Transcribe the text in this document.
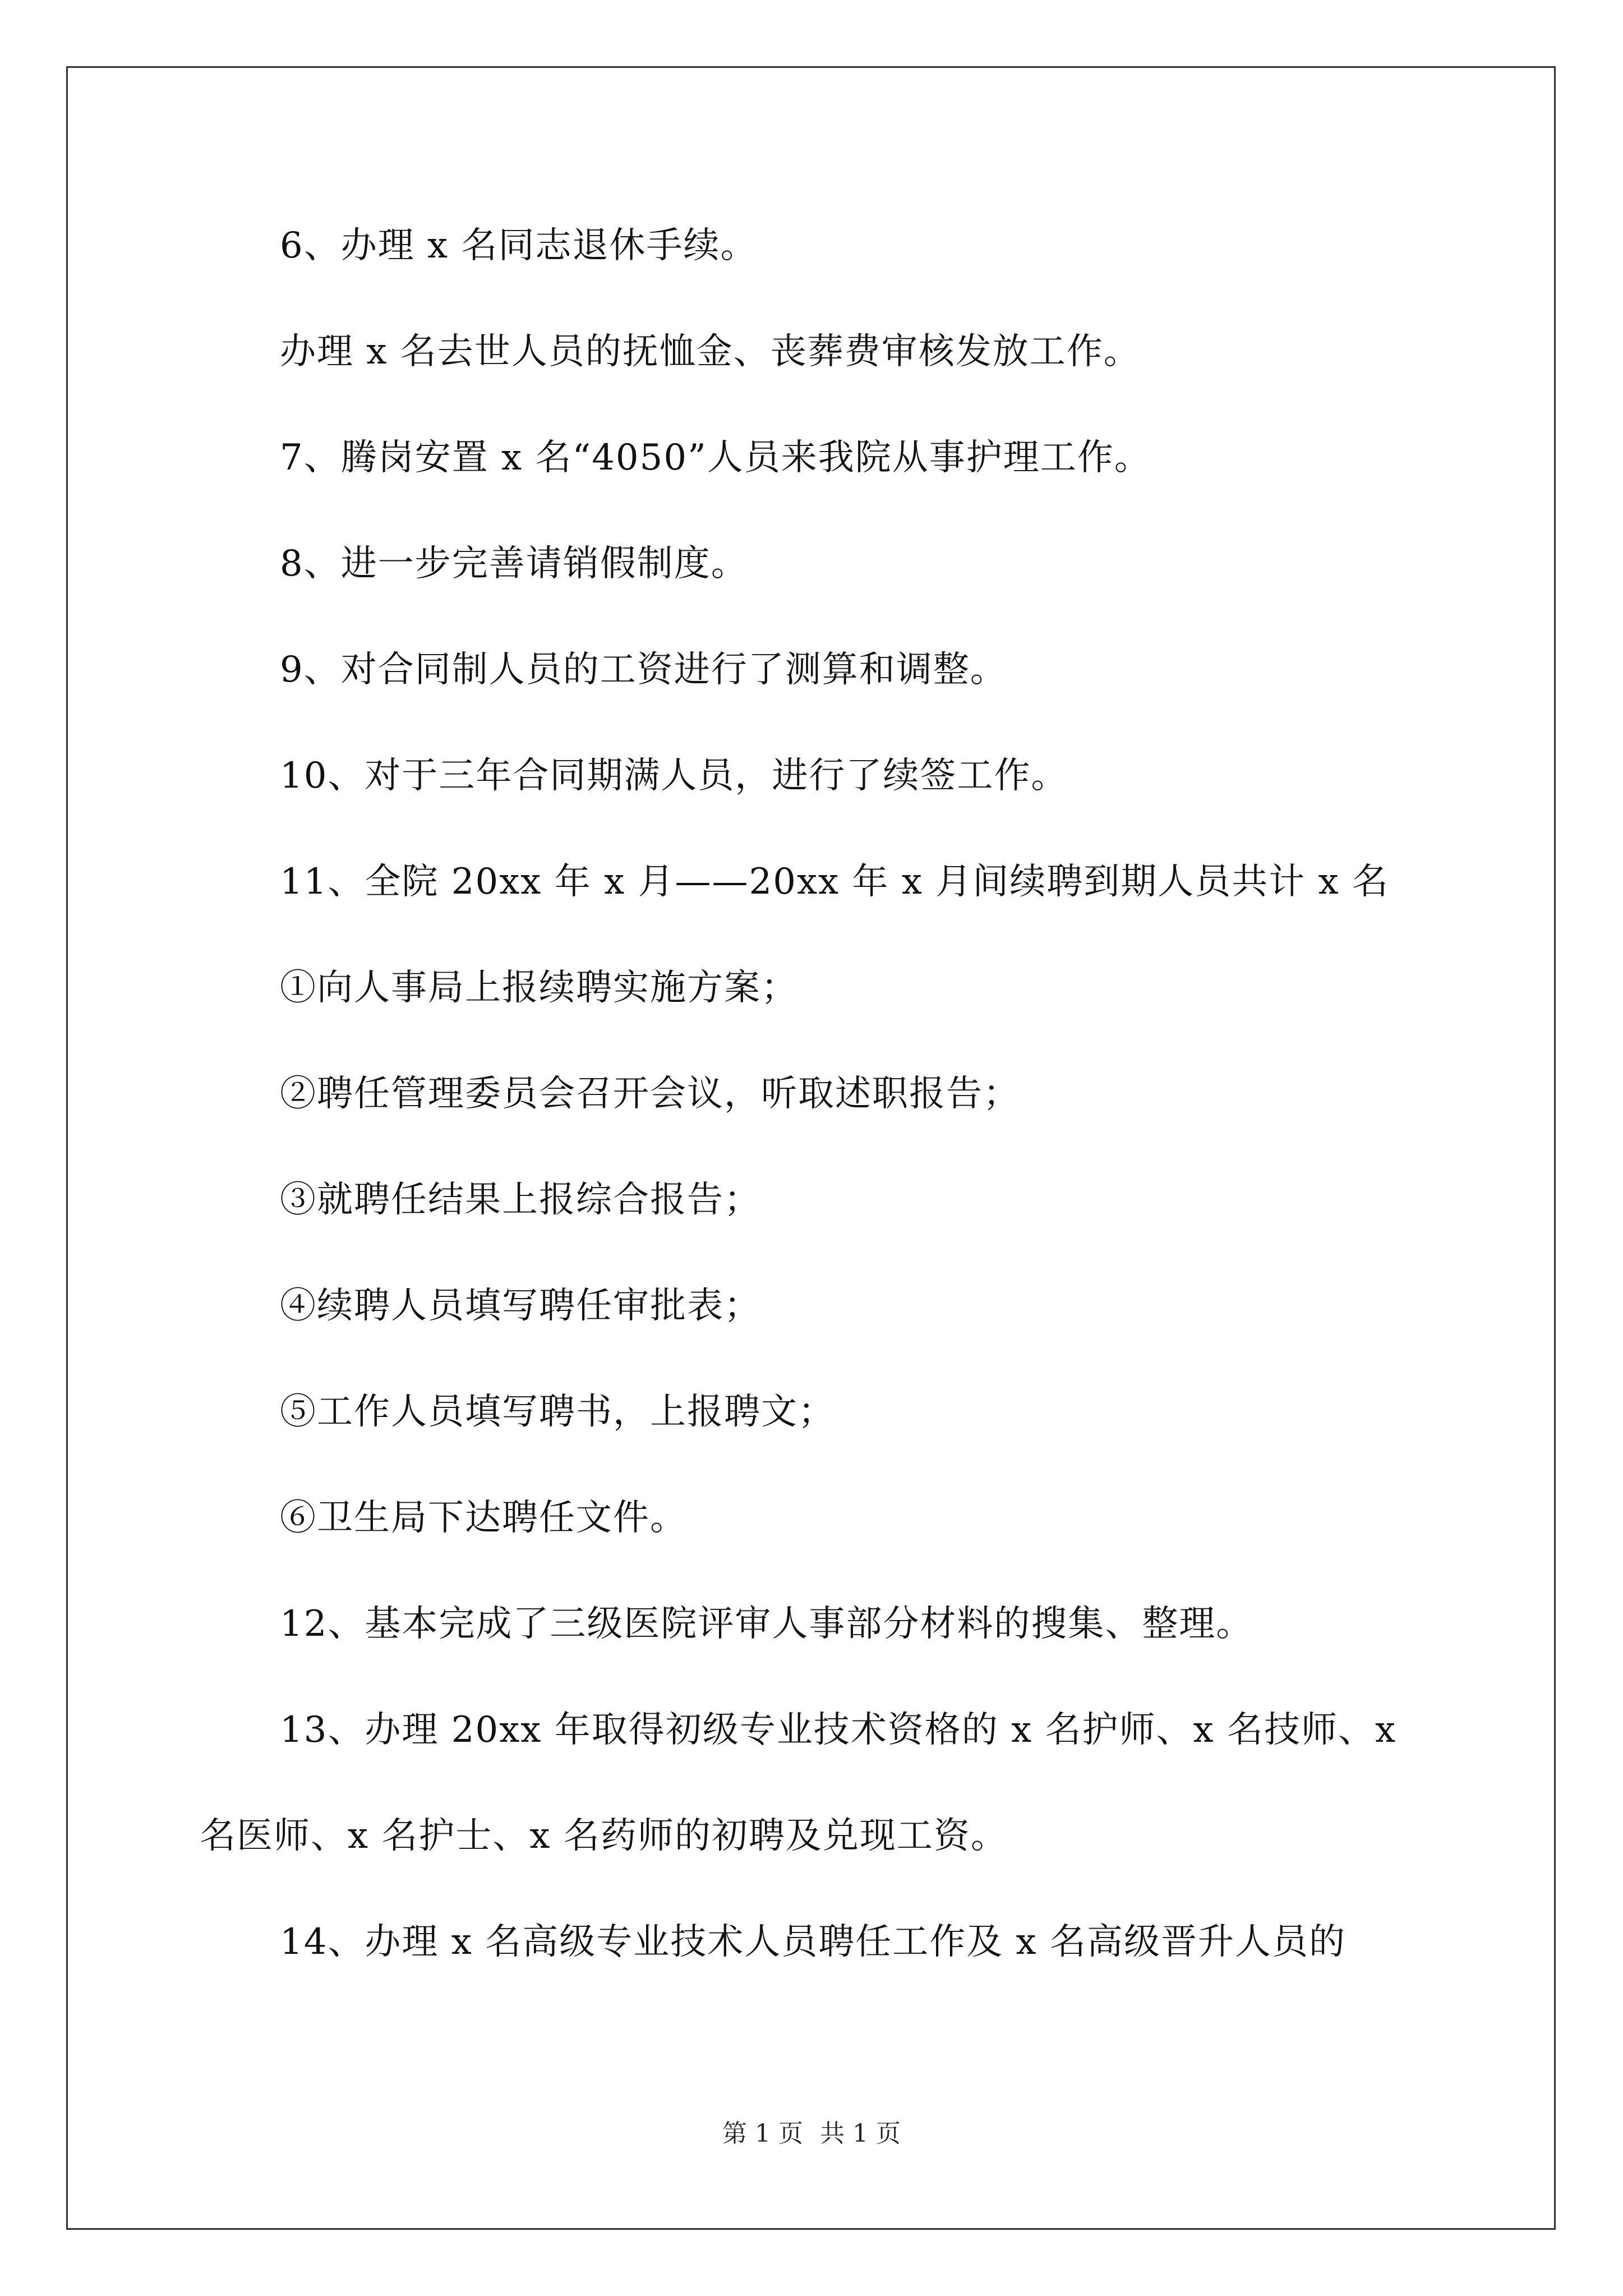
6、办理 x 名同志退休手续。

办理 x 名去世人员的抚恤金、丧葬费审核发放工作。

7、腾岗安置 x 名“4050”人员来我院从事护理工作。

8、进一步完善请销假制度。

9、对合同制人员的工资进行了测算和调整。

10、对于三年合同期满人员，进行了续签工作。

11、全院 20xx 年 x 月——20xx 年 x 月间续聘到期人员共计 x 名

①向人事局上报续聘实施方案；

②聘任管理委员会召开会议，听取述职报告；

③就聘任结果上报综合报告；

④续聘人员填写聘任审批表；

⑤工作人员填写聘书，上报聘文；

⑥卫生局下达聘任文件。

12、基本完成了三级医院评审人事部分材料的搜集、整理。

13、办理 20xx 年取得初级专业技术资格的 x 名护师、x 名技师、x
名医师、x 名护士、x 名药师的初聘及兑现工资。

14、办理 x 名高级专业技术人员聘任工作及 x 名高级晋升人员的

第 1 页 共 1 页
